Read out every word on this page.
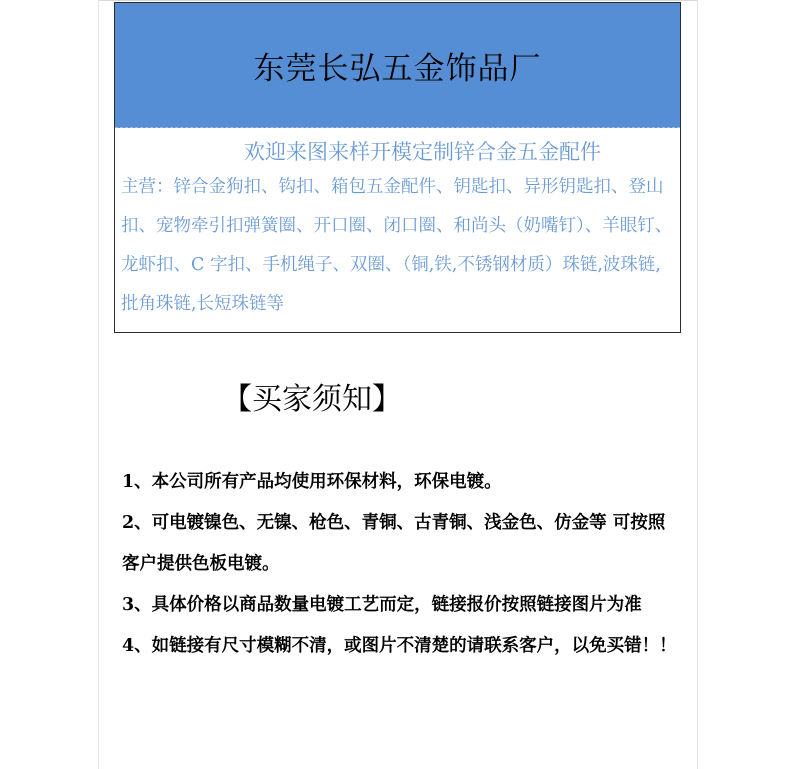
东莞长弘五金饰品厂
欢迎来图来样开模定制锌合金五金配件
主营：锌合金狗扣、钩扣、箱包五金配件、钥匙扣、异形钥匙扣、登山扣、宠物牵引扣弹簧圈、开口圈、闭口圈、和尚头（奶嘴钉）、羊眼钉、龙虾扣、C 字扣、手机绳子、双圈、（铜,铁,不锈钢材质）珠链,波珠链,批角珠链,长短珠链等
【买家须知】
1、本公司所有产品均使用环保材料，环保电镀。
2、可电镀镍色、无镍、枪色、青铜、古青铜、浅金色、仿金等 可按照客户提供色板电镀。
3、具体价格以商品数量电镀工艺而定，链接报价按照链接图片为准
4、如链接有尺寸模糊不清，或图片不清楚的请联系客户，以免买错！！
